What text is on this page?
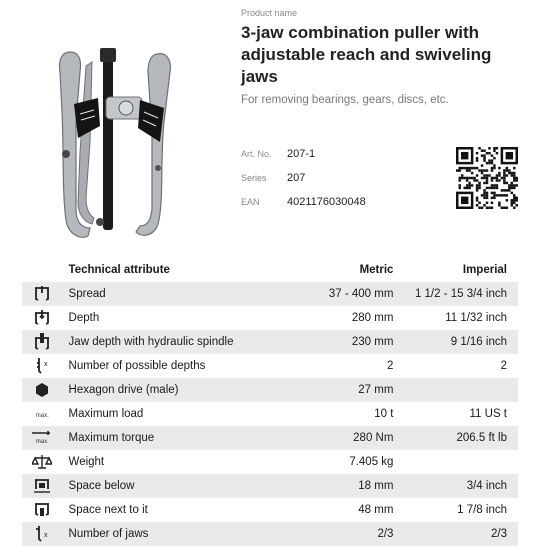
Product name
3-jaw combination puller with adjustable reach and swiveling jaws
For removing bearings, gears, discs, etc.
Art. No.	207-1
Series	207
EAN	4021176030048
	Technical attribute	Metric	Imperial
	Spread	37 - 400 mm	1 1/2 - 15 3/4 inch
	Depth	280 mm	11 1/32 inch
	Jaw depth with hydraulic spindle	230 mm	9 1/16 inch

x	Number of possible depths	2	2
	Hexagon drive (male)	27 mm	
max.	Maximum load	10 t	11 US t

max.	Maximum torque	280 Nm	206.5 ft lb
	Weight	7.405 kg	
	Space below	18 mm	3/4 inch
	Space next to it	48 mm	1 7/8 inch

x	Number of jaws	2/3	2/3
